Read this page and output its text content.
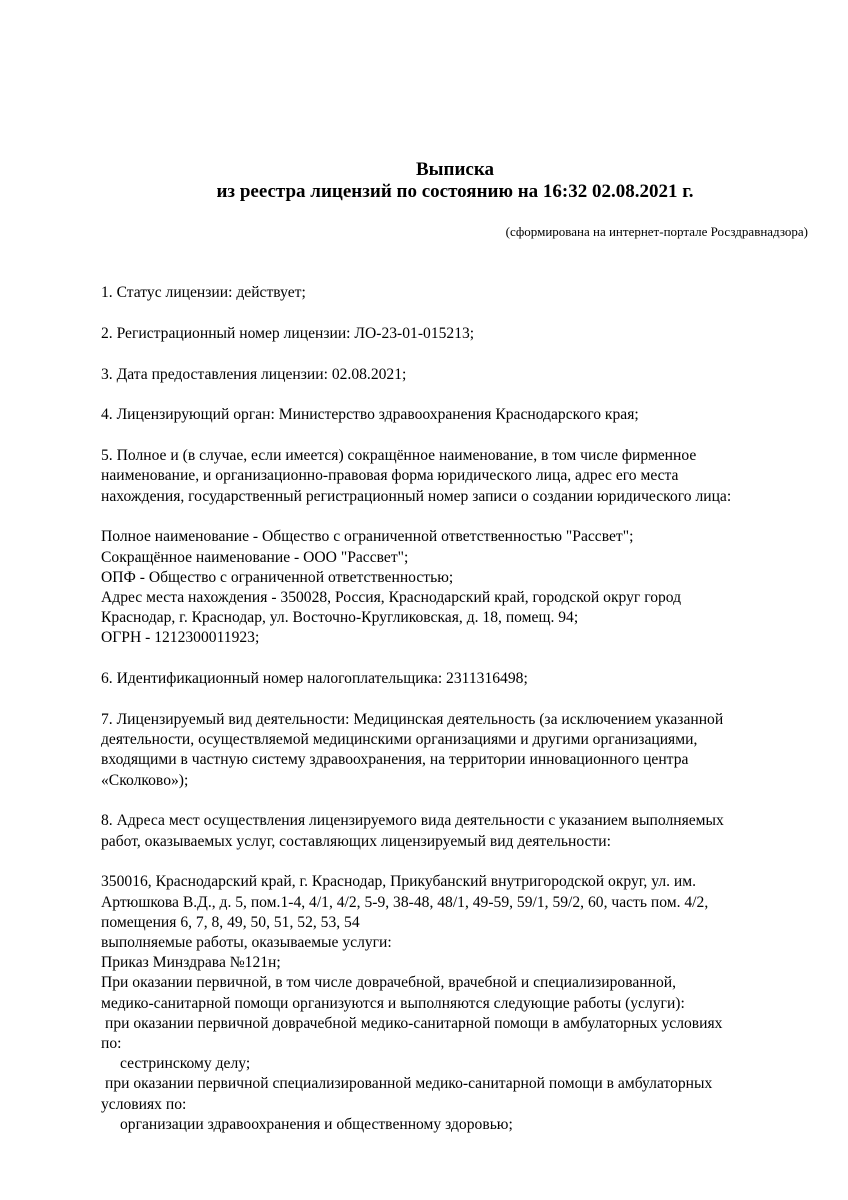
Выписка
из реестра лицензий по состоянию на 16:32 02.08.2021 г.
(сформирована на интернет-портале Росздравнадзора)

1. Статус лицензии: действует;

2. Регистрационный номер лицензии: ЛО-23-01-015213;

3. Дата предоставления лицензии: 02.08.2021;

4. Лицензирующий орган: Министерство здравоохранения Краснодарского края;

5. Полное и (в случае, если имеется) сокращённое наименование, в том числе фирменное

наименование, и организационно-правовая форма юридического лица, адрес его места

нахождения, государственный регистрационный номер записи о создании юридического лица:

Полное наименование - Общество с ограниченной ответственностью "Рассвет";

Сокращённое наименование - ООО "Рассвет";

ОПФ - Общество с ограниченной ответственностью;

Адрес места нахождения - 350028, Россия, Краснодарский край, городской округ город

Краснодар, г. Краснодар, ул. Восточно-Кругликовская, д. 18, помещ. 94;

ОГРН - 1212300011923;

6. Идентификационный номер налогоплательщика: 2311316498;

7. Лицензируемый вид деятельности: Медицинская деятельность (за исключением указанной

деятельности, осуществляемой медицинскими организациями и другими организациями,

входящими в частную систему здравоохранения, на территории инновационного центра

«Сколково»);

8. Адреса мест осуществления лицензируемого вида деятельности с указанием выполняемых

работ, оказываемых услуг, составляющих лицензируемый вид деятельности:

350016, Краснодарский край, г. Краснодар, Прикубанский внутригородской округ, ул. им.

Артюшкова В.Д., д. 5, пом.1-4, 4/1, 4/2, 5-9, 38-48, 48/1, 49-59, 59/1, 59/2, 60, часть пом. 4/2,

помещения 6, 7, 8, 49, 50, 51, 52, 53, 54

выполняемые работы, оказываемые услуги:

Приказ Минздрава №121н;

При оказании первичной, в том числе доврачебной, врачебной и специализированной,

медико-санитарной помощи организуются и выполняются следующие работы (услуги):

при оказании первичной доврачебной медико-санитарной помощи в амбулаторных условиях

по:

сестринскому делу;

при оказании первичной специализированной медико-санитарной помощи в амбулаторных

условиях по:

организации здравоохранения и общественному здоровью;
